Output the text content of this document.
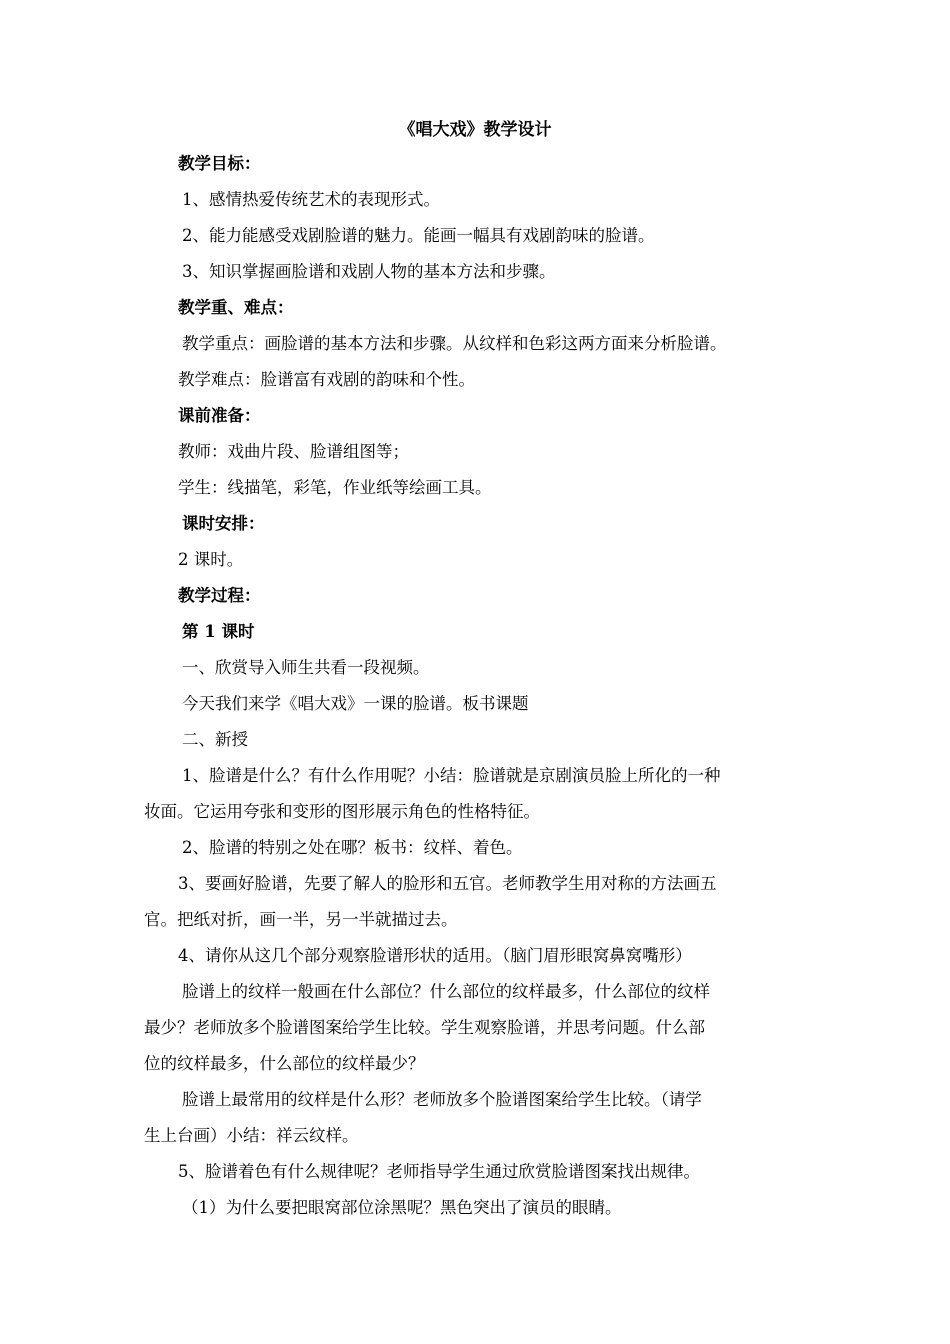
《唱大戏》教学设计
教学目标：
1、感情热爱传统艺术的表现形式。
2、能力能感受戏剧脸谱的魅力。能画一幅具有戏剧韵味的脸谱。
3、知识掌握画脸谱和戏剧人物的基本方法和步骤。
教学重、难点：
教学重点：画脸谱的基本方法和步骤。从纹样和色彩这两方面来分析脸谱。
教学难点：脸谱富有戏剧的韵味和个性。
课前准备：
教师：戏曲片段、脸谱组图等；
学生：线描笔，彩笔，作业纸等绘画工具。
课时安排：
2 课时。
教学过程：
第 1 课时
一、欣赏导入师生共看一段视频。
今天我们来学《唱大戏》一课的脸谱。板书课题
二、新授
1、脸谱是什么？有什么作用呢？小结：脸谱就是京剧演员脸上所化的一种
妆面。它运用夸张和变形的图形展示角色的性格特征。
2、脸谱的特别之处在哪？板书：纹样、着色。
3、要画好脸谱，先要了解人的脸形和五官。老师教学生用对称的方法画五
官。把纸对折，画一半，另一半就描过去。
4、请你从这几个部分观察脸谱形状的适用。（脑门眉形眼窝鼻窝嘴形）
脸谱上的纹样一般画在什么部位？什么部位的纹样最多，什么部位的纹样
最少？老师放多个脸谱图案给学生比较。学生观察脸谱，并思考问题。什么部
位的纹样最多，什么部位的纹样最少？
脸谱上最常用的纹样是什么形？老师放多个脸谱图案给学生比较。（请学
生上台画）小结：祥云纹样。
5、脸谱着色有什么规律呢？老师指导学生通过欣赏脸谱图案找出规律。
（1）为什么要把眼窝部位涂黑呢？黑色突出了演员的眼睛。
